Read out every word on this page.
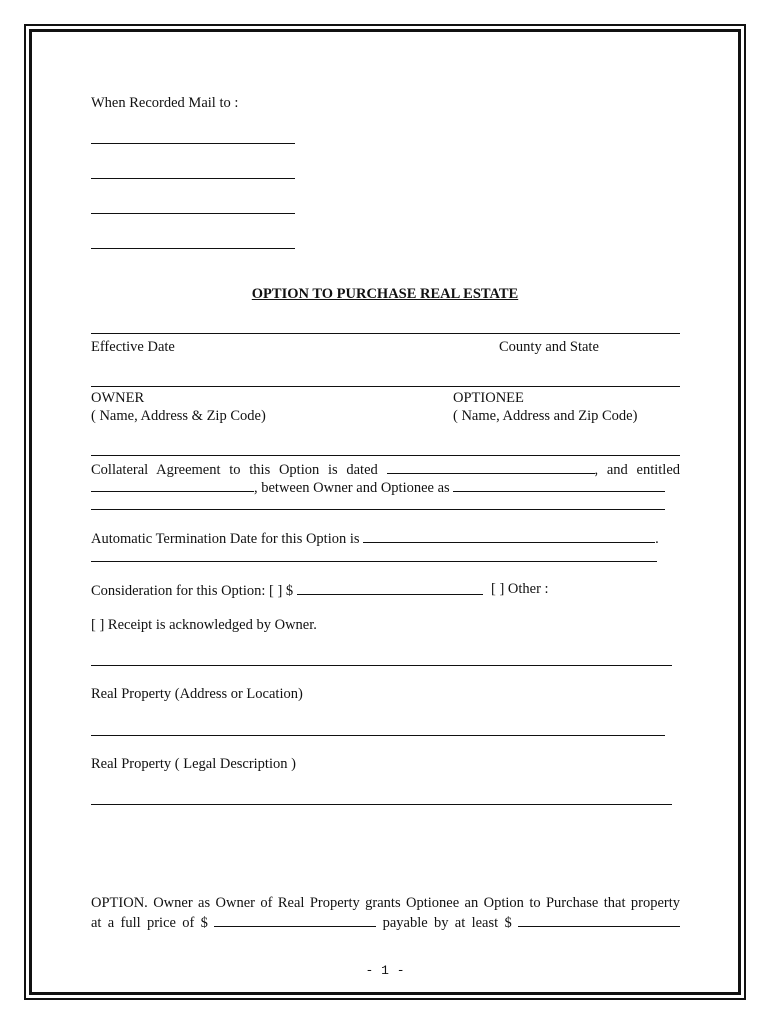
When Recorded Mail to :
OPTION TO PURCHASE REAL ESTATE
Effective Date	County and State
OWNER
( Name, Address & Zip Code)
OPTIONEE
( Name, Address and Zip Code)
Collateral Agreement to this Option is dated	, and entitled
, between Owner and Optionee as
Automatic Termination Date for this Option is	.
Consideration for this Option: [ ] $	[ ] Other :
[ ] Receipt is acknowledged by Owner.
Real Property (Address or Location)
Real Property ( Legal Description )
OPTION. Owner as Owner of Real Property grants Optionee an Option to Purchase that property
at a full price of $	payable by at least $
- 1 -
